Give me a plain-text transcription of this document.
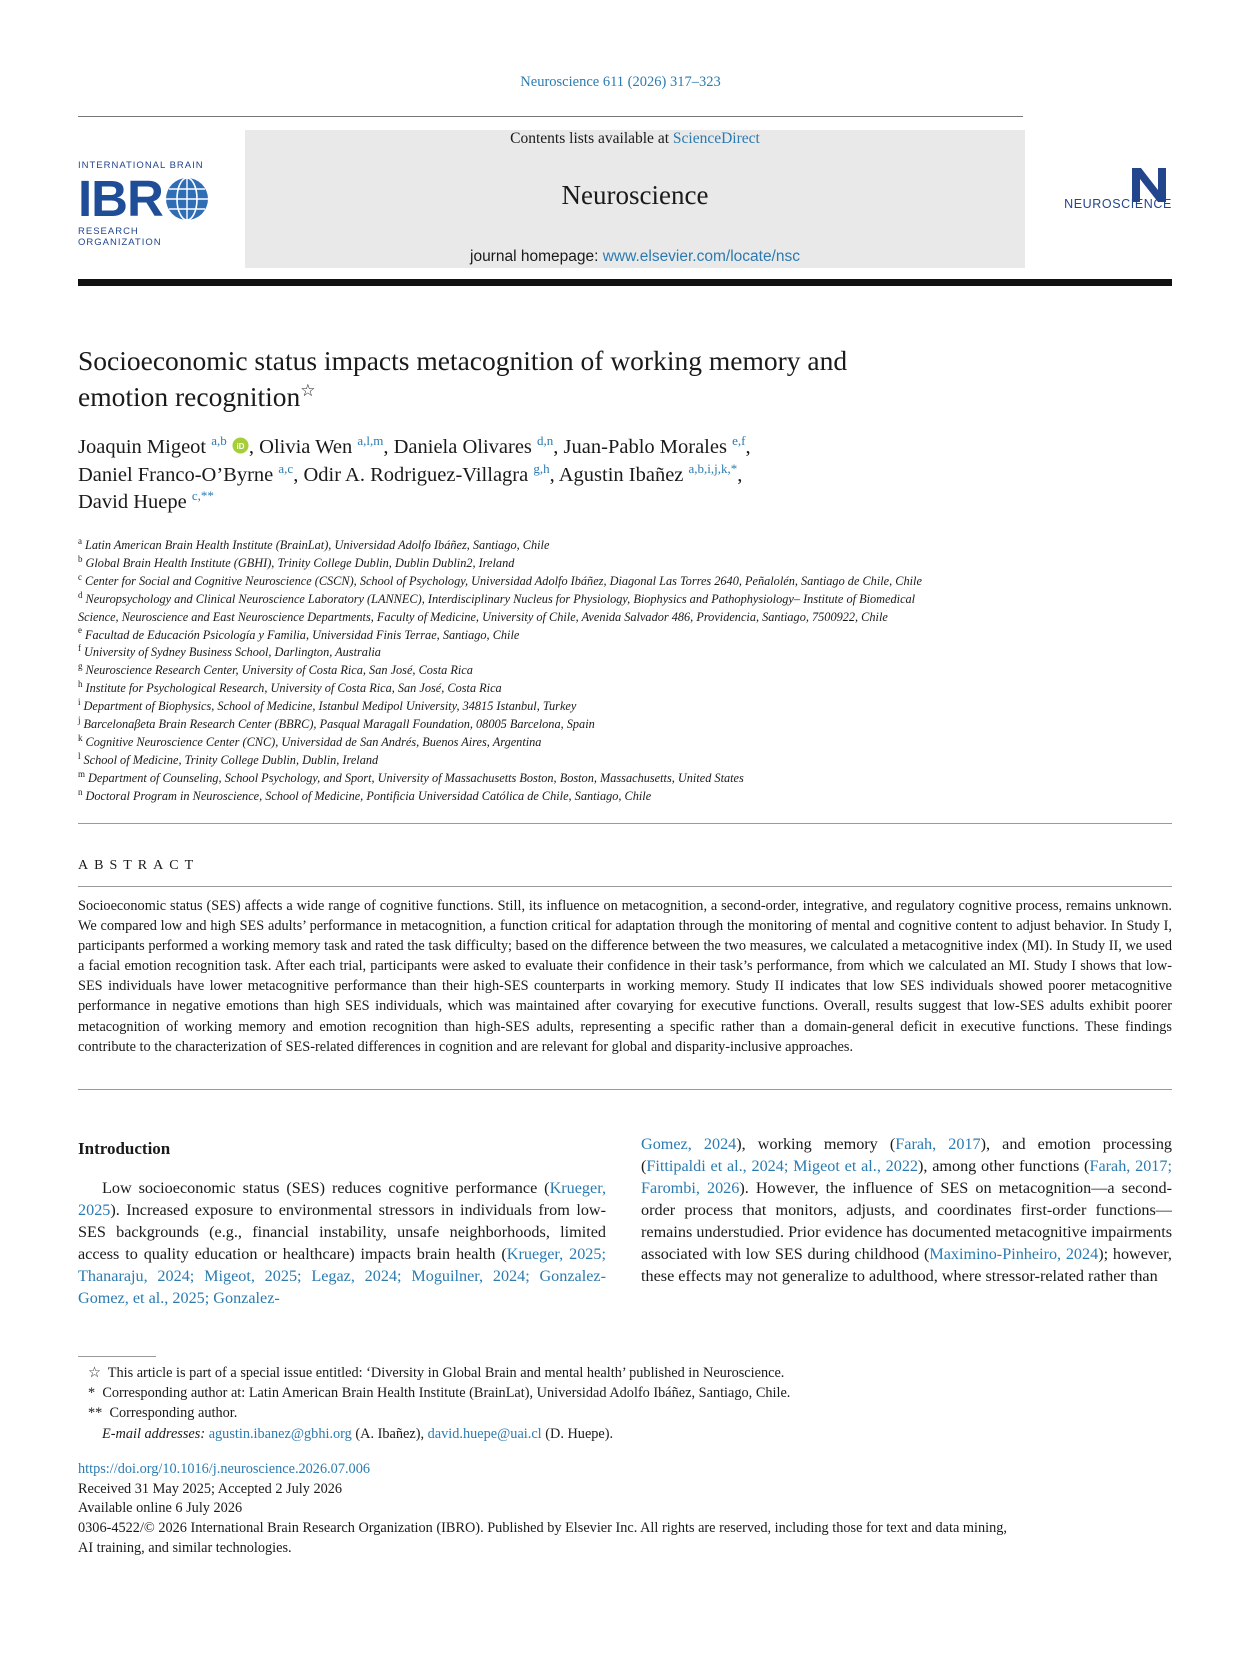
Neuroscience 611 (2026) 317–323
INTERNATIONAL BRAIN
IBR
RESEARCH ORGANIZATION
Contents lists available at ScienceDirect
Neuroscience
journal homepage: www.elsevier.com/locate/nsc
NEUROSCIENCE
Socioeconomic status impacts metacognition of working memory and
emotion recognition☆
Joaquin Migeot $^{a,b}$ iD , Olivia Wen $^{a,l,m}$, Daniela Olivares $^{d,n}$, Juan-Pablo Morales $^{e,f}$,
Daniel Franco-O’Byrne $^{a,c}$, Odir A. Rodriguez-Villagra $^{g,h}$, Agustin Ibañez $^{a,b,i,j,k,*}$,
David Huepe $^{c,**}$
$^a$ Latin American Brain Health Institute (BrainLat), Universidad Adolfo Ibáñez, Santiago, Chile
$^b$ Global Brain Health Institute (GBHI), Trinity College Dublin, Dublin Dublin2, Ireland
$^c$ Center for Social and Cognitive Neuroscience (CSCN), School of Psychology, Universidad Adolfo Ibáñez, Diagonal Las Torres 2640, Peñalolén, Santiago de Chile, Chile
$^d$ Neuropsychology and Clinical Neuroscience Laboratory (LANNEC), Interdisciplinary Nucleus for Physiology, Biophysics and Pathophysiology– Institute of Biomedical
Science, Neuroscience and East Neuroscience Departments, Faculty of Medicine, University of Chile, Avenida Salvador 486, Providencia, Santiago, 7500922, Chile
$^e$ Facultad de Educación Psicología y Familia, Universidad Finis Terrae, Santiago, Chile
$^f$ University of Sydney Business School, Darlington, Australia
$^g$ Neuroscience Research Center, University of Costa Rica, San José, Costa Rica
$^h$ Institute for Psychological Research, University of Costa Rica, San José, Costa Rica
$^i$ Department of Biophysics, School of Medicine, Istanbul Medipol University, 34815 Istanbul, Turkey
$^j$ Barcelonaβeta Brain Research Center (BBRC), Pasqual Maragall Foundation, 08005 Barcelona, Spain
$^k$ Cognitive Neuroscience Center (CNC), Universidad de San Andrés, Buenos Aires, Argentina
$^l$ School of Medicine, Trinity College Dublin, Dublin, Ireland
$^m$ Department of Counseling, School Psychology, and Sport, University of Massachusetts Boston, Boston, Massachusetts, United States
$^n$ Doctoral Program in Neuroscience, School of Medicine, Pontificia Universidad Católica de Chile, Santiago, Chile
ABSTRACT
Socioeconomic status (SES) affects a wide range of cognitive functions. Still, its influence on metacognition, a second-order, integrative, and regulatory cognitive process, remains unknown. We compared low and high SES adults’ performance in metacognition, a function critical for adaptation through the monitoring of mental and cognitive content to adjust behavior. In Study I, participants performed a working memory task and rated the task difficulty; based on the difference between the two measures, we calculated a metacognitive index (MI). In Study II, we used a facial emotion recognition task. After each trial, participants were asked to evaluate their confidence in their task’s performance, from which we calculated an MI. Study I shows that low-SES individuals have lower metacognitive performance than their high-SES counterparts in working memory. Study II indicates that low SES individuals showed poorer metacognitive performance in negative emotions than high SES individuals, which was maintained after covarying for executive functions. Overall, results suggest that low-SES adults exhibit poorer metacognition of working memory and emotion recognition than high-SES adults, representing a specific rather than a domain-general deficit in executive functions. These findings contribute to the characterization of SES-related differences in cognition and are relevant for global and disparity-inclusive approaches.
Introduction
Low socioeconomic status (SES) reduces cognitive performance (Krueger, 2025). Increased exposure to environmental stressors in individuals from low-SES backgrounds (e.g., financial instability, unsafe neighborhoods, limited access to quality education or healthcare) impacts brain health (Krueger, 2025; Thanaraju, 2024; Migeot, 2025; Legaz, 2024; Moguilner, 2024; Gonzalez-Gomez, et al., 2025; Gonzalez-
Gomez, 2024), working memory (Farah, 2017), and emotion processing (Fittipaldi et al., 2024; Migeot et al., 2022), among other functions (Farah, 2017; Farombi, 2026). However, the influence of SES on metacognition—a second-order process that monitors, adjusts, and coordinates first-order functions—remains understudied. Prior evidence has documented metacognitive impairments associated with low SES during childhood (Maximino-Pinheiro, 2024); however, these effects may not generalize to adulthood, where stressor-related rather than
☆ This article is part of a special issue entitled: ‘Diversity in Global Brain and mental health’ published in Neuroscience.
* Corresponding author at: Latin American Brain Health Institute (BrainLat), Universidad Adolfo Ibáñez, Santiago, Chile.
** Corresponding author.
E-mail addresses: agustin.ibanez@gbhi.org (A. Ibañez), david.huepe@uai.cl (D. Huepe).
https://doi.org/10.1016/j.neuroscience.2026.07.006
Received 31 May 2025; Accepted 2 July 2026
Available online 6 July 2026
0306-4522/© 2026 International Brain Research Organization (IBRO). Published by Elsevier Inc. All rights are reserved, including those for text and data mining,
AI training, and similar technologies.
